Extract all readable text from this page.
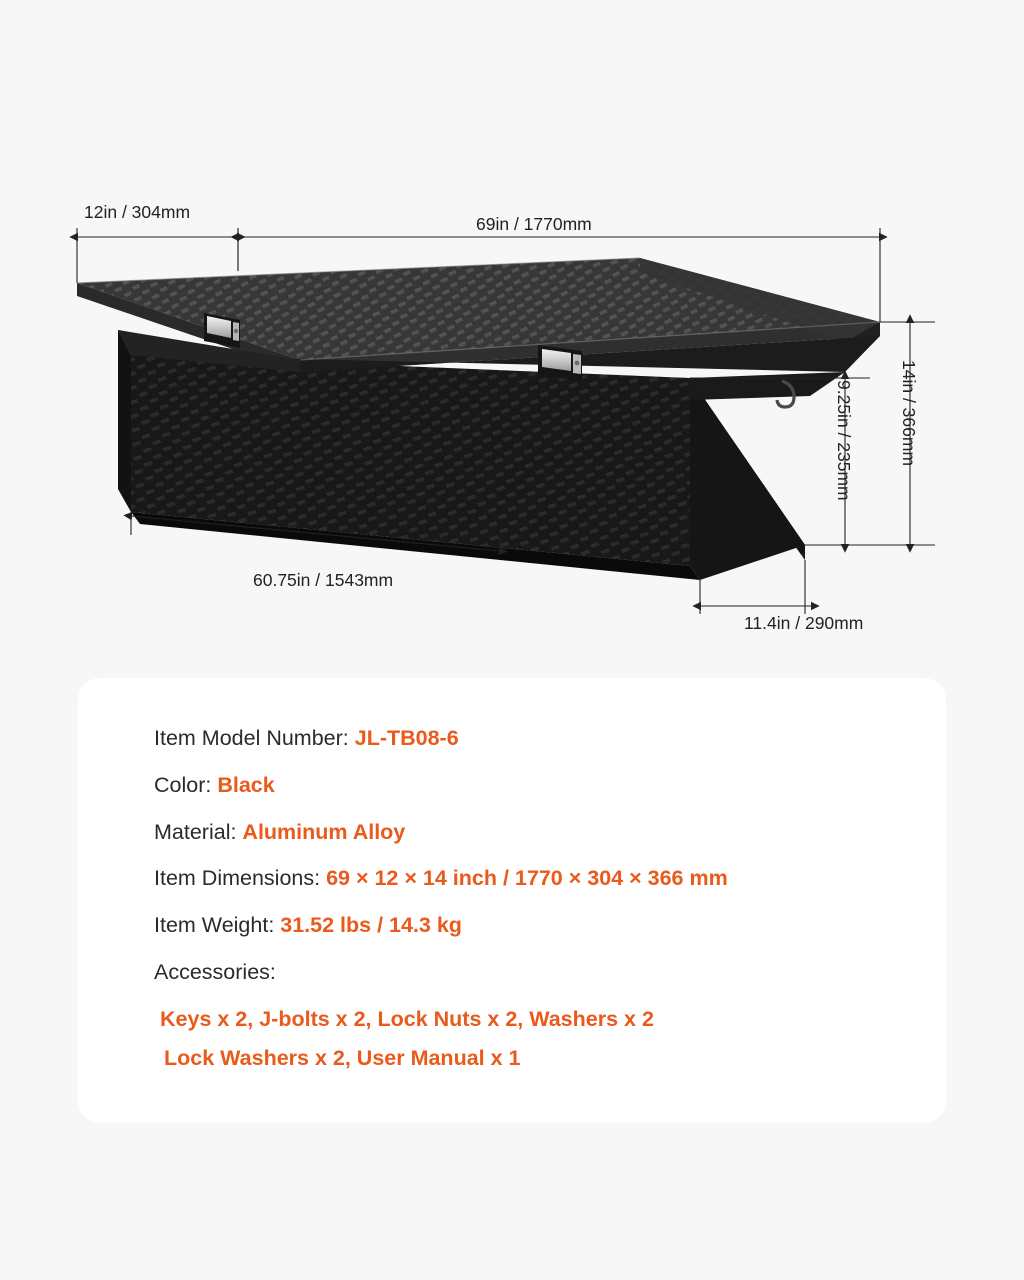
12in / 304mm
69in / 1770mm
9.25in / 235mm	14in / 366mm
60.75in / 1543mm
11.4in / 290mm
Item Model Number: JL-TB08-6
Color: Black
Material: Aluminum Alloy
Item Dimensions: 69 × 12 × 14 inch / 1770 × 304 × 366 mm
Item Weight: 31.52 lbs / 14.3 kg
Accessories:
Keys x 2, J-bolts x 2, Lock Nuts x 2, Washers x 2
Lock Washers x 2, User Manual x 1
